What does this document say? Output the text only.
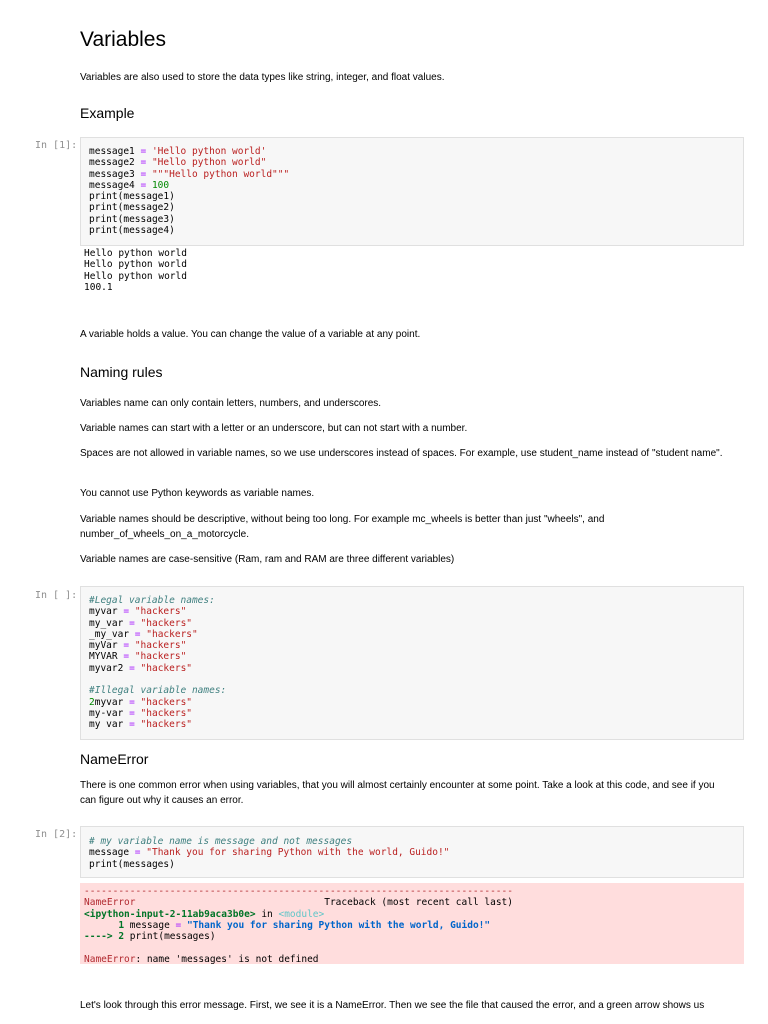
Variables
Variables are also used to store the data types like string, integer, and float values.
Example
In [1]:
message1 = 'Hello python world'
message2 = "Hello python world"
message3 = """Hello python world"""
message4 = 100
print(message1)
print(message2)
print(message3)
print(message4)
Hello python world
Hello python world
Hello python world
100.1
A variable holds a value. You can change the value of a variable at any point.
Naming rules
Variables name can only contain letters, numbers, and underscores.
Variable names can start with a letter or an underscore, but can not start with a number.
Spaces are not allowed in variable names, so we use underscores instead of spaces. For example, use student_name instead of "student name".
You cannot use Python keywords as variable names.
Variable names should be descriptive, without being too long. For example mc_wheels is better than just "wheels", and number_of_wheels_on_a_motorcycle.
Variable names are case-sensitive (Ram, ram and RAM are three different variables)
In [ ]: #Legal variable names:
myvar = "hackers"
my_var = "hackers"
_my_var = "hackers"
myVar = "hackers"
MYVAR = "hackers"
myvar2 = "hackers"

#Illegal variable names:
2myvar = "hackers"
my-var = "hackers"
my var = "hackers"
NameError
There is one common error when using variables, that you will almost certainly encounter at some point. Take a look at this code, and see if you can figure out why it causes an error.
In [2]:
# my variable name is message and not messages
message = "Thank you for sharing Python with the world, Guido!"
print(messages)
---------------------------------------------------------------------------
NameError	Traceback (most recent call last)
<ipython-input-2-11ab9aca3b0e> in <module>
1 message = "Thank you for sharing Python with the world, Guido!"
----> 2 print(messages)

NameError: name 'messages' is not defined
Let's look through this error message. First, we see it is a NameError. Then we see the file that caused the error, and a green arrow shows us
